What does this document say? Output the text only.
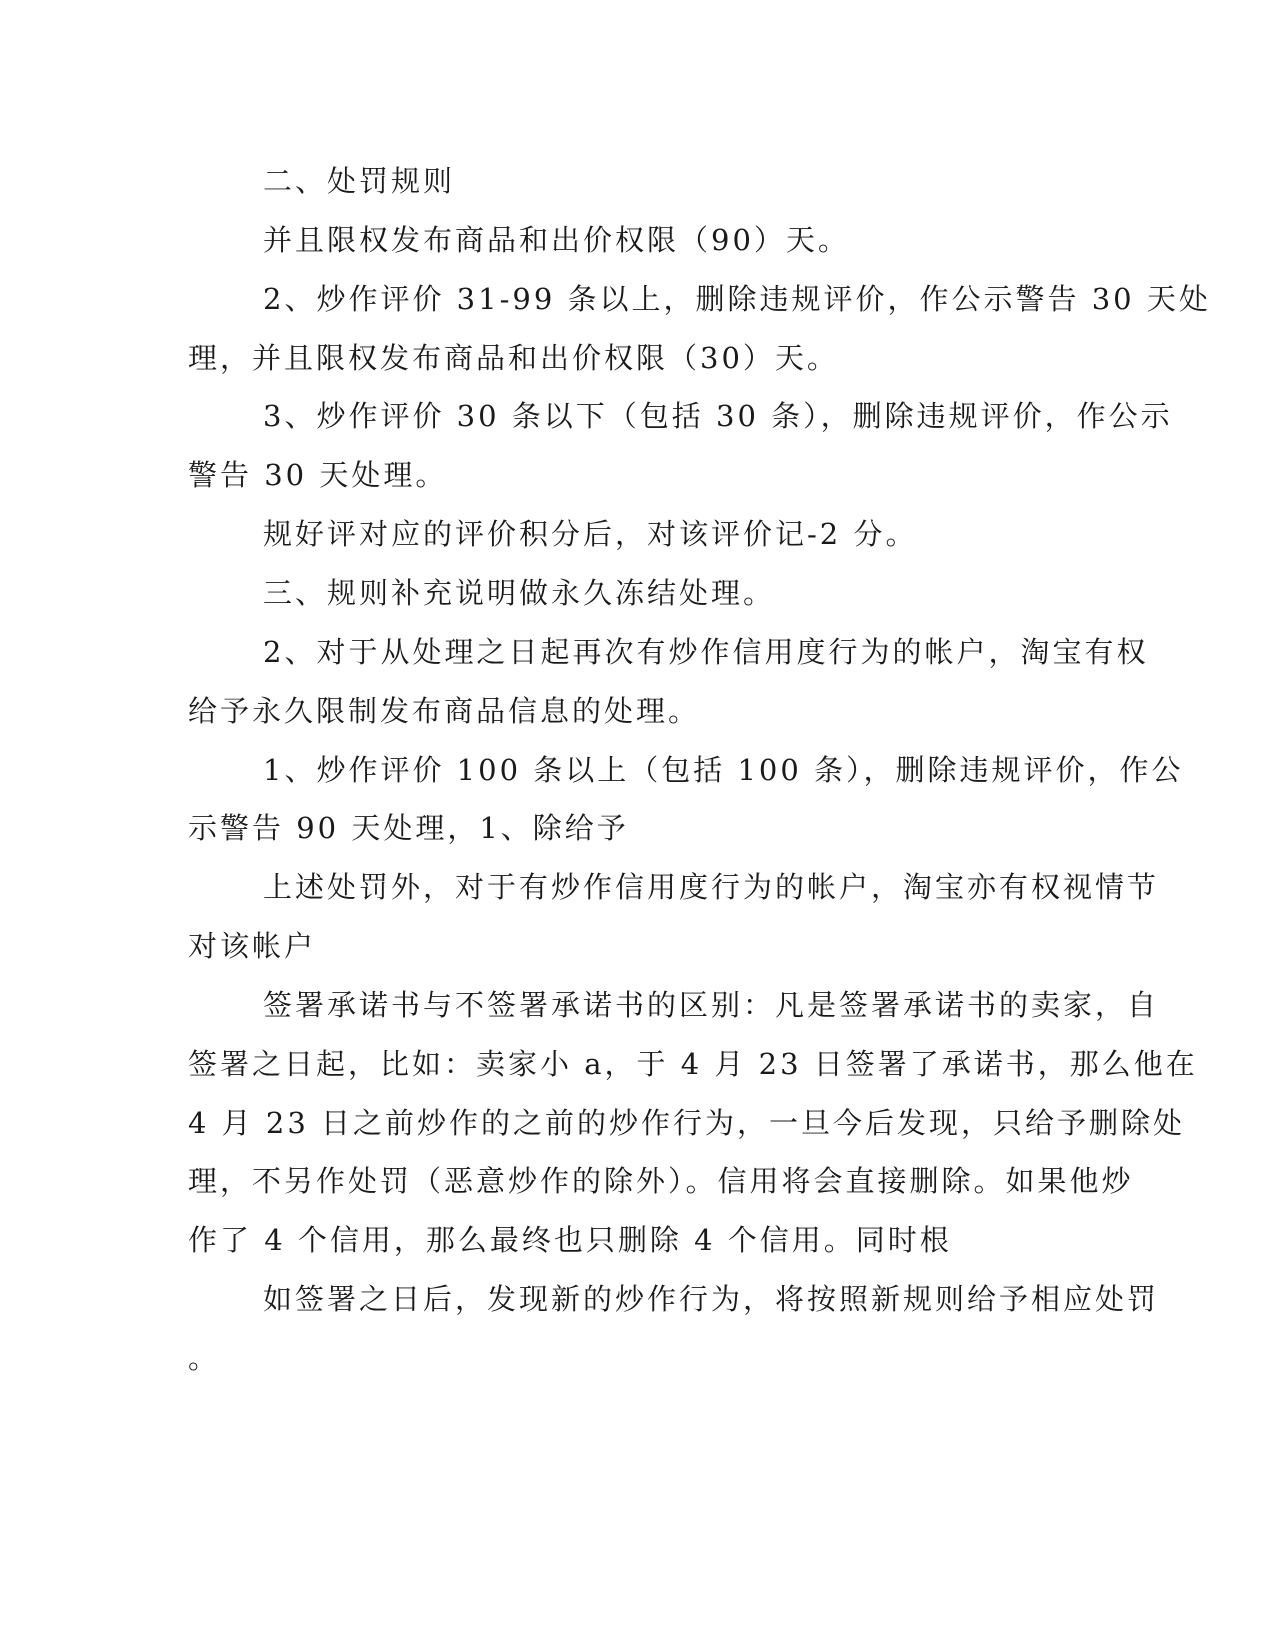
二、处罚规则
并且限权发布商品和出价权限（90）天。
2、炒作评价 31-99 条以上，删除违规评价，作公示警告 30 天处
理，并且限权发布商品和出价权限（30）天。
3、炒作评价 30 条以下（包括 30 条），删除违规评价，作公示
警告 30 天处理。
规好评对应的评价积分后，对该评价记-2 分。
三、规则补充说明做永久冻结处理。
2、对于从处理之日起再次有炒作信用度行为的帐户，淘宝有权
给予永久限制发布商品信息的处理。
1、炒作评价 100 条以上（包括 100 条），删除违规评价，作公
示警告 90 天处理，1、除给予
上述处罚外，对于有炒作信用度行为的帐户，淘宝亦有权视情节
对该帐户
签署承诺书与不签署承诺书的区别：凡是签署承诺书的卖家，自
签署之日起，比如：卖家小 a，于 4 月 23 日签署了承诺书，那么他在
4 月 23 日之前炒作的之前的炒作行为，一旦今后发现，只给予删除处
理，不另作处罚（恶意炒作的除外）。信用将会直接删除。如果他炒
作了 4 个信用，那么最终也只删除 4 个信用。同时根
如签署之日后，发现新的炒作行为，将按照新规则给予相应处罚
。
